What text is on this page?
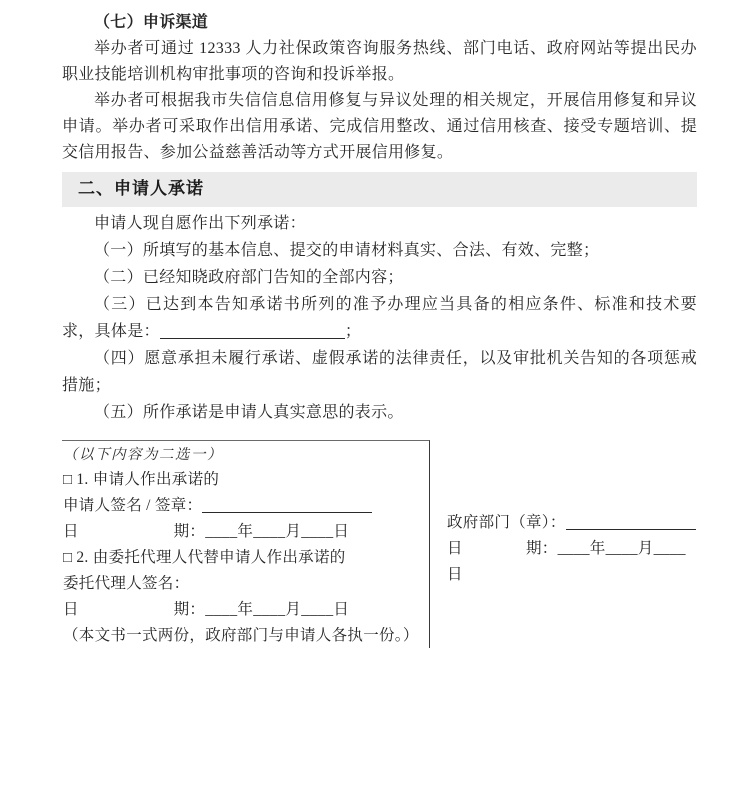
（七）申诉渠道

举办者可通过 12333 人力社保政策咨询服务热线、部门电话、政府网站等提出民办职业技能培训机构审批事项的咨询和投诉举报。

举办者可根据我市失信信息信用修复与异议处理的相关规定，开展信用修复和异议申请。举办者可采取作出信用承诺、完成信用整改、通过信用核查、接受专题培训、提交信用报告、参加公益慈善活动等方式开展信用修复。

二、申请人承诺

申请人现自愿作出下列承诺：

（一）所填写的基本信息、提交的申请材料真实、合法、有效、完整；

（二）已经知晓政府部门告知的全部内容；

（三）已达到本告知承诺书所列的准予办理应当具备的相应条件、标准和技术要求，具体是：	；

（四）愿意承担未履行承诺、虚假承诺的法律责任，以及审批机关告知的各项惩戒措施；

（五）所作承诺是申请人真实意思的表示。

（以下内容为二选一）
□ 1. 申请人作出承诺的
申请人签名 / 签章：
日　　　　　　期：____年____月____日
□ 2. 由委托代理人代替申请人作出承诺的
委托代理人签名：
日　　　　　　期：____年____月____日
（本文书一式两份，政府部门与申请人各执一份。）
政府部门（章）：
日　　　　期：____年____月____日
